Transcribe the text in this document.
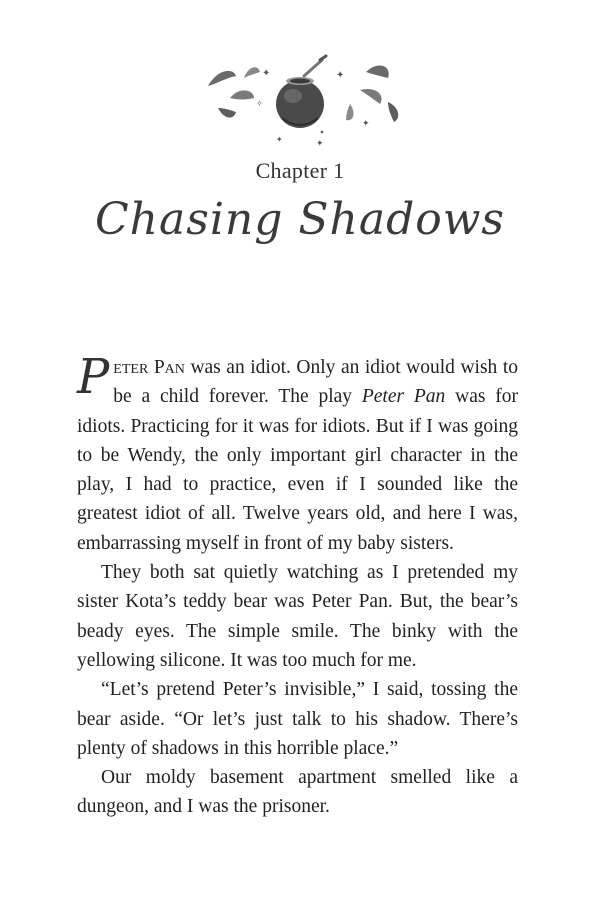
✦	✦
✧
✦
✦	✦
Chapter 1
Chasing Shadows

Peter Pan was an idiot. Only an idiot would wish to be a child forever. The play Peter Pan was for idiots. Practicing for it was for idiots. But if I was going to be Wendy, the only important girl character in the play, I had to practice, even if I sounded like the greatest idiot of all. Twelve years old, and here I was, embarrassing myself in front of my baby sisters.

They both sat quietly watching as I pretended my sister Kota’s teddy bear was Peter Pan. But, the bear’s beady eyes. The simple smile. The binky with the yellowing silicone. It was too much for me.

“Let’s pretend Peter’s invisible,” I said, tossing the bear aside. “Or let’s just talk to his shadow. There’s plenty of shadows in this horrible place.”

Our moldy basement apartment smelled like a dungeon, and I was the prisoner.
